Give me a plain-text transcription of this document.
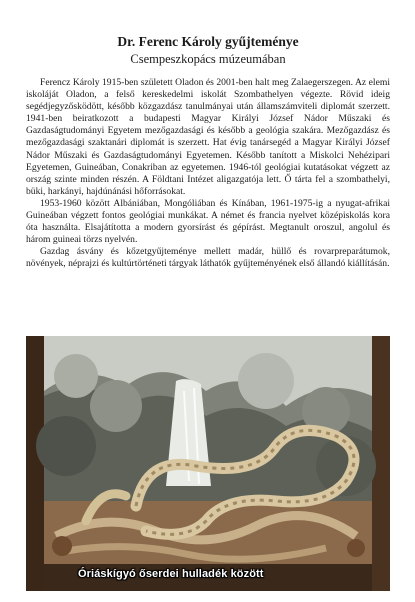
Dr. Ferenc Károly gyűjteménye
Csempeszkopács múzeumában

Ferencz Károly 1915-ben született Oladon és 2001-ben halt meg Zalaegerszegen. Az elemi iskoláját Oladon, a felső kereskedelmi iskolát Szombathelyen végezte. Rövid ideig segédjegyzősködött, később közgazdász tanulmányai után államszámviteli diplomát szerzett. 1941-ben beiratkozott a budapesti Magyar Királyi József Nádor Műszaki és Gazdaságtudományi Egyetem mezőgazdasági és később a geológia szakára. Mezőgazdász és mezőgazdasági szaktanári diplomát is szerzett. Hat évig tanársegéd a Magyar Királyi József Nádor Műszaki és Gazdaságtudományi Egyetemen. Később tanított a Miskolci Nehézipari Egyetemen, Guineában, Conakriban az egyetemen. 1946-tól geológiai kutatásokat végzett az ország szinte minden részén. A Földtani Intézet aligazgatója lett. Ő tárta fel a szombathelyi, büki, harkányi, hajdúnánási hőforrásokat.

1953-1960 között Albániában, Mongóliában és Kínában, 1961-1975-ig a nyugat-afrikai Guineában végzett fontos geológiai munkákat. A német és francia nyelvet középiskolás kora óta használta. Elsajátította a modern gyorsírást és gépírást. Megtanult oroszul, angolul és három guineai törzs nyelvén.

Gazdag ásvány és kőzetgyűjteménye mellett madár, hüllő és rovarpreparátumok, növények, néprajzi és kultúrtörténeti tárgyak láthatók gyűjteményének első állandó kiállításán.

Óriáskígyó őserdei hulladék között
